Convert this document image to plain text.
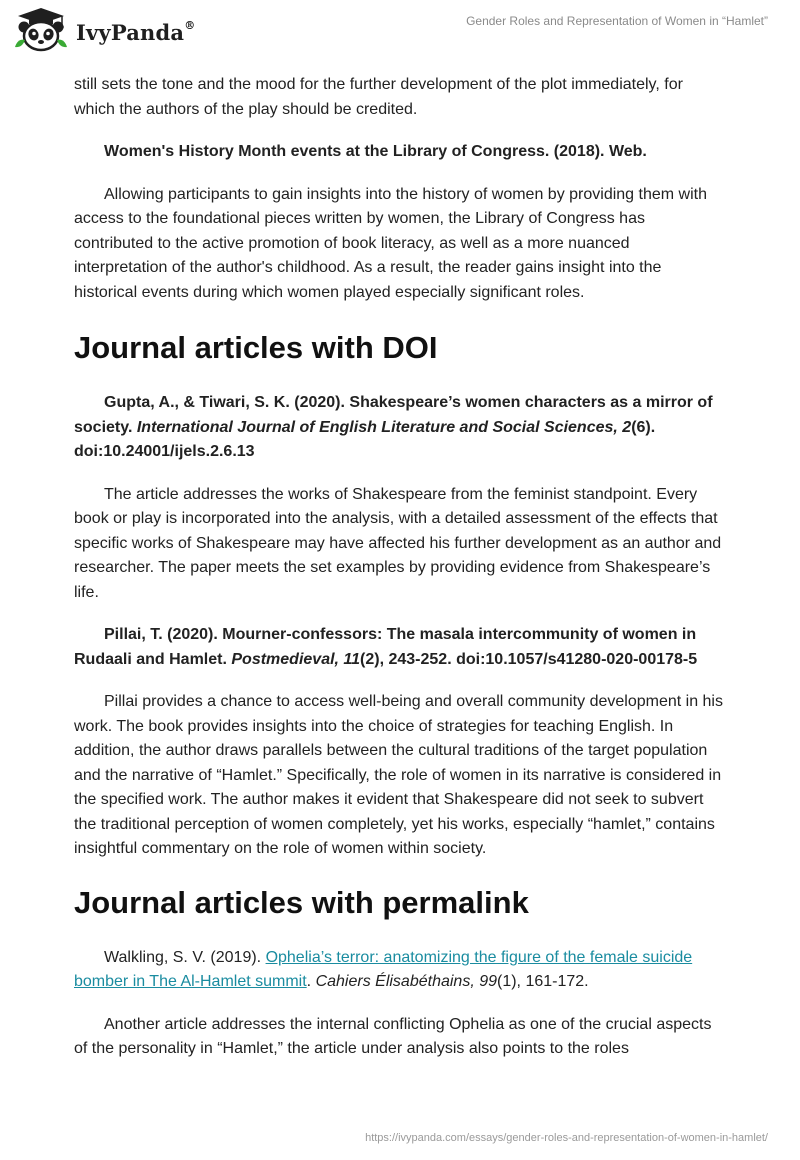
IvyPanda®	Gender Roles and Representation of Women in “Hamlet”

still sets the tone and the mood for the further development of the plot immediately, for which the authors of the play should be credited.

Women's History Month events at the Library of Congress. (2018). Web.

Allowing participants to gain insights into the history of women by providing them with access to the foundational pieces written by women, the Library of Congress has contributed to the active promotion of book literacy, as well as a more nuanced interpretation of the author's childhood. As a result, the reader gains insight into the historical events during which women played especially significant roles.

Journal articles with DOI

Gupta, A., & Tiwari, S. K. (2020). Shakespeare’s women characters as a mirror of society. International Journal of English Literature and Social Sciences, 2(6). doi:10.24001/ijels.2.6.13

The article addresses the works of Shakespeare from the feminist standpoint. Every book or play is incorporated into the analysis, with a detailed assessment of the effects that specific works of Shakespeare may have affected his further development as an author and researcher. The paper meets the set examples by providing evidence from Shakespeare’s life.

Pillai, T. (2020). Mourner-confessors: The masala intercommunity of women in Rudaali and Hamlet. Postmedieval, 11(2), 243-252. doi:10.1057/s41280-020-00178-5

Pillai provides a chance to access well-being and overall community development in his work. The book provides insights into the choice of strategies for teaching English. In addition, the author draws parallels between the cultural traditions of the target population and the narrative of “Hamlet.” Specifically, the role of women in its narrative is considered in the specified work. The author makes it evident that Shakespeare did not seek to subvert the traditional perception of women completely, yet his works, especially “hamlet,” contains insightful commentary on the role of women within society.

Journal articles with permalink

Walkling, S. V. (2019). Ophelia’s terror: anatomizing the figure of the female suicide bomber in The Al-Hamlet summit. Cahiers Élisabéthains, 99(1), 161-172.

Another article addresses the internal conflicting Ophelia as one of the crucial aspects of the personality in “Hamlet,” the article under analysis also points to the roles

https://ivypanda.com/essays/gender-roles-and-representation-of-women-in-hamlet/
